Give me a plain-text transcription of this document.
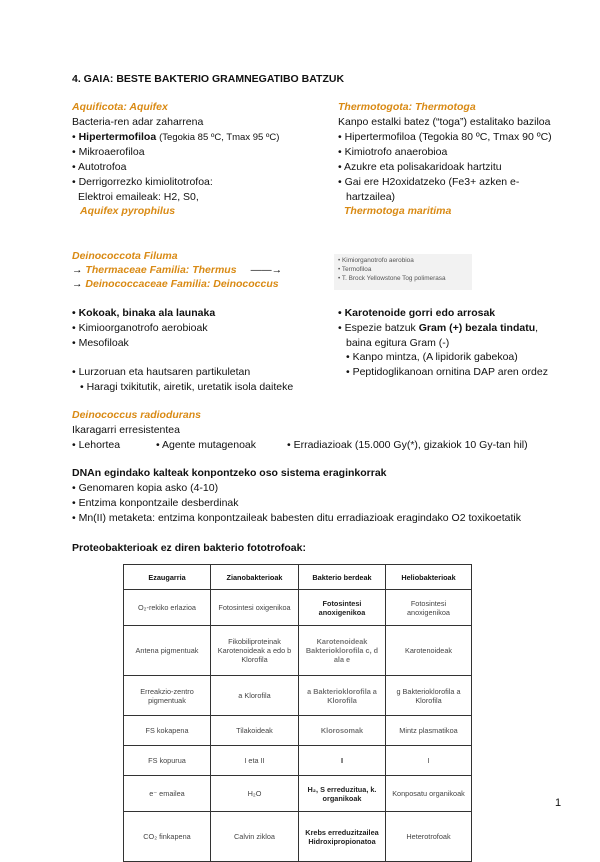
4. GAIA: BESTE BAKTERIO GRAMNEGATIBO BATZUK
Aquificota: Aquifex
Bacteria-ren adar zaharrena
• Hipertermofiloa (Tegokia 85 ºC, Tmax 95 ºC)
• Mikroaerofiloa
• Autotrofoa
• Derrigorrezko kimiolitotrofoa:
Elektroi emaileak: H2, S0,
Aquifex pyrophilus
Thermotogota: Thermotoga
Kanpo estalki batez (“toga”) estalitako baziloa
• Hipertermofiloa (Tegokia 80 ºC, Tmax 90 ºC)
• Kimiotrofo anaerobioa
• Azukre eta polisakaridoak hartzitu
• Gai ere H2oxidatzeko (Fe3+ azken e-
hartzailea)
Thermotoga maritima
Deinococcota Filuma
→ Thermaceae Familia: Thermus ——→
→ Deinococcaceae Familia: Deinococcus
• Kimiorganotrofo aerobioa
• Termofiloa
• T. Brock Yellowstone Tog polimerasa
• Kokoak, binaka ala launaka
• Kimioorganotrofo aerobioak
• Mesofiloak
• Lurzoruan eta hautsaren partikuletan
• Haragi txikitutik, airetik, uretatik isola daiteke
• Karotenoide gorri edo arrosak
• Espezie batzuk Gram (+) bezala tindatu,
baina egitura Gram (-)
• Kanpo mintza, (A lipidorik gabekoa)
• Peptidoglikanoan ornitina DAP aren ordez
Deinococcus radiodurans
Ikaragarri erresistentea
• Lehortea	• Agente mutagenoak	• Erradiazioak (15.000 Gy(*), gizakiok 10 Gy-tan hil)
DNAn egindako kalteak konpontzeko oso sistema eraginkorrak
• Genomaren kopia asko (4-10)
• Entzima konpontzaile desberdinak
• Mn(II) metaketa: entzima konpontzaileak babesten ditu erradiazioak eragindako O2 toxikoetatik
Proteobakterioak ez diren bakterio fototrofoak:
Ezaugarria	Zianobakterioak	Bakterio berdeak	Heliobakterioak
O₂-rekiko erlazioa	Fotosintesi oxigenikoa	Fotosintesi anoxigenikoa	Fotosintesi anoxigenikoa
Antena pigmentuak	Fikobiliproteinak Karotenoideak a edo b Klorofila	Karotenoideak Bakterioklorofila c, d ala e	Karotenoideak
Erreakzio-zentro pigmentuak	a Klorofila	a Bakterioklorofila a Klorofila	g Bakterioklorofila a Klorofila
FS kokapena	Tilakoideak	Klorosomak	Mintz plasmatikoa
FS kopurua	I eta II	I	I
e⁻ emailea	H₂O	H₂, S erreduzitua, k. organikoak	Konposatu organikoak
CO₂ finkapena	Calvin zikloa	Krebs erreduzitzailea Hidroxipropionatoa	Heterotrofoak
1
